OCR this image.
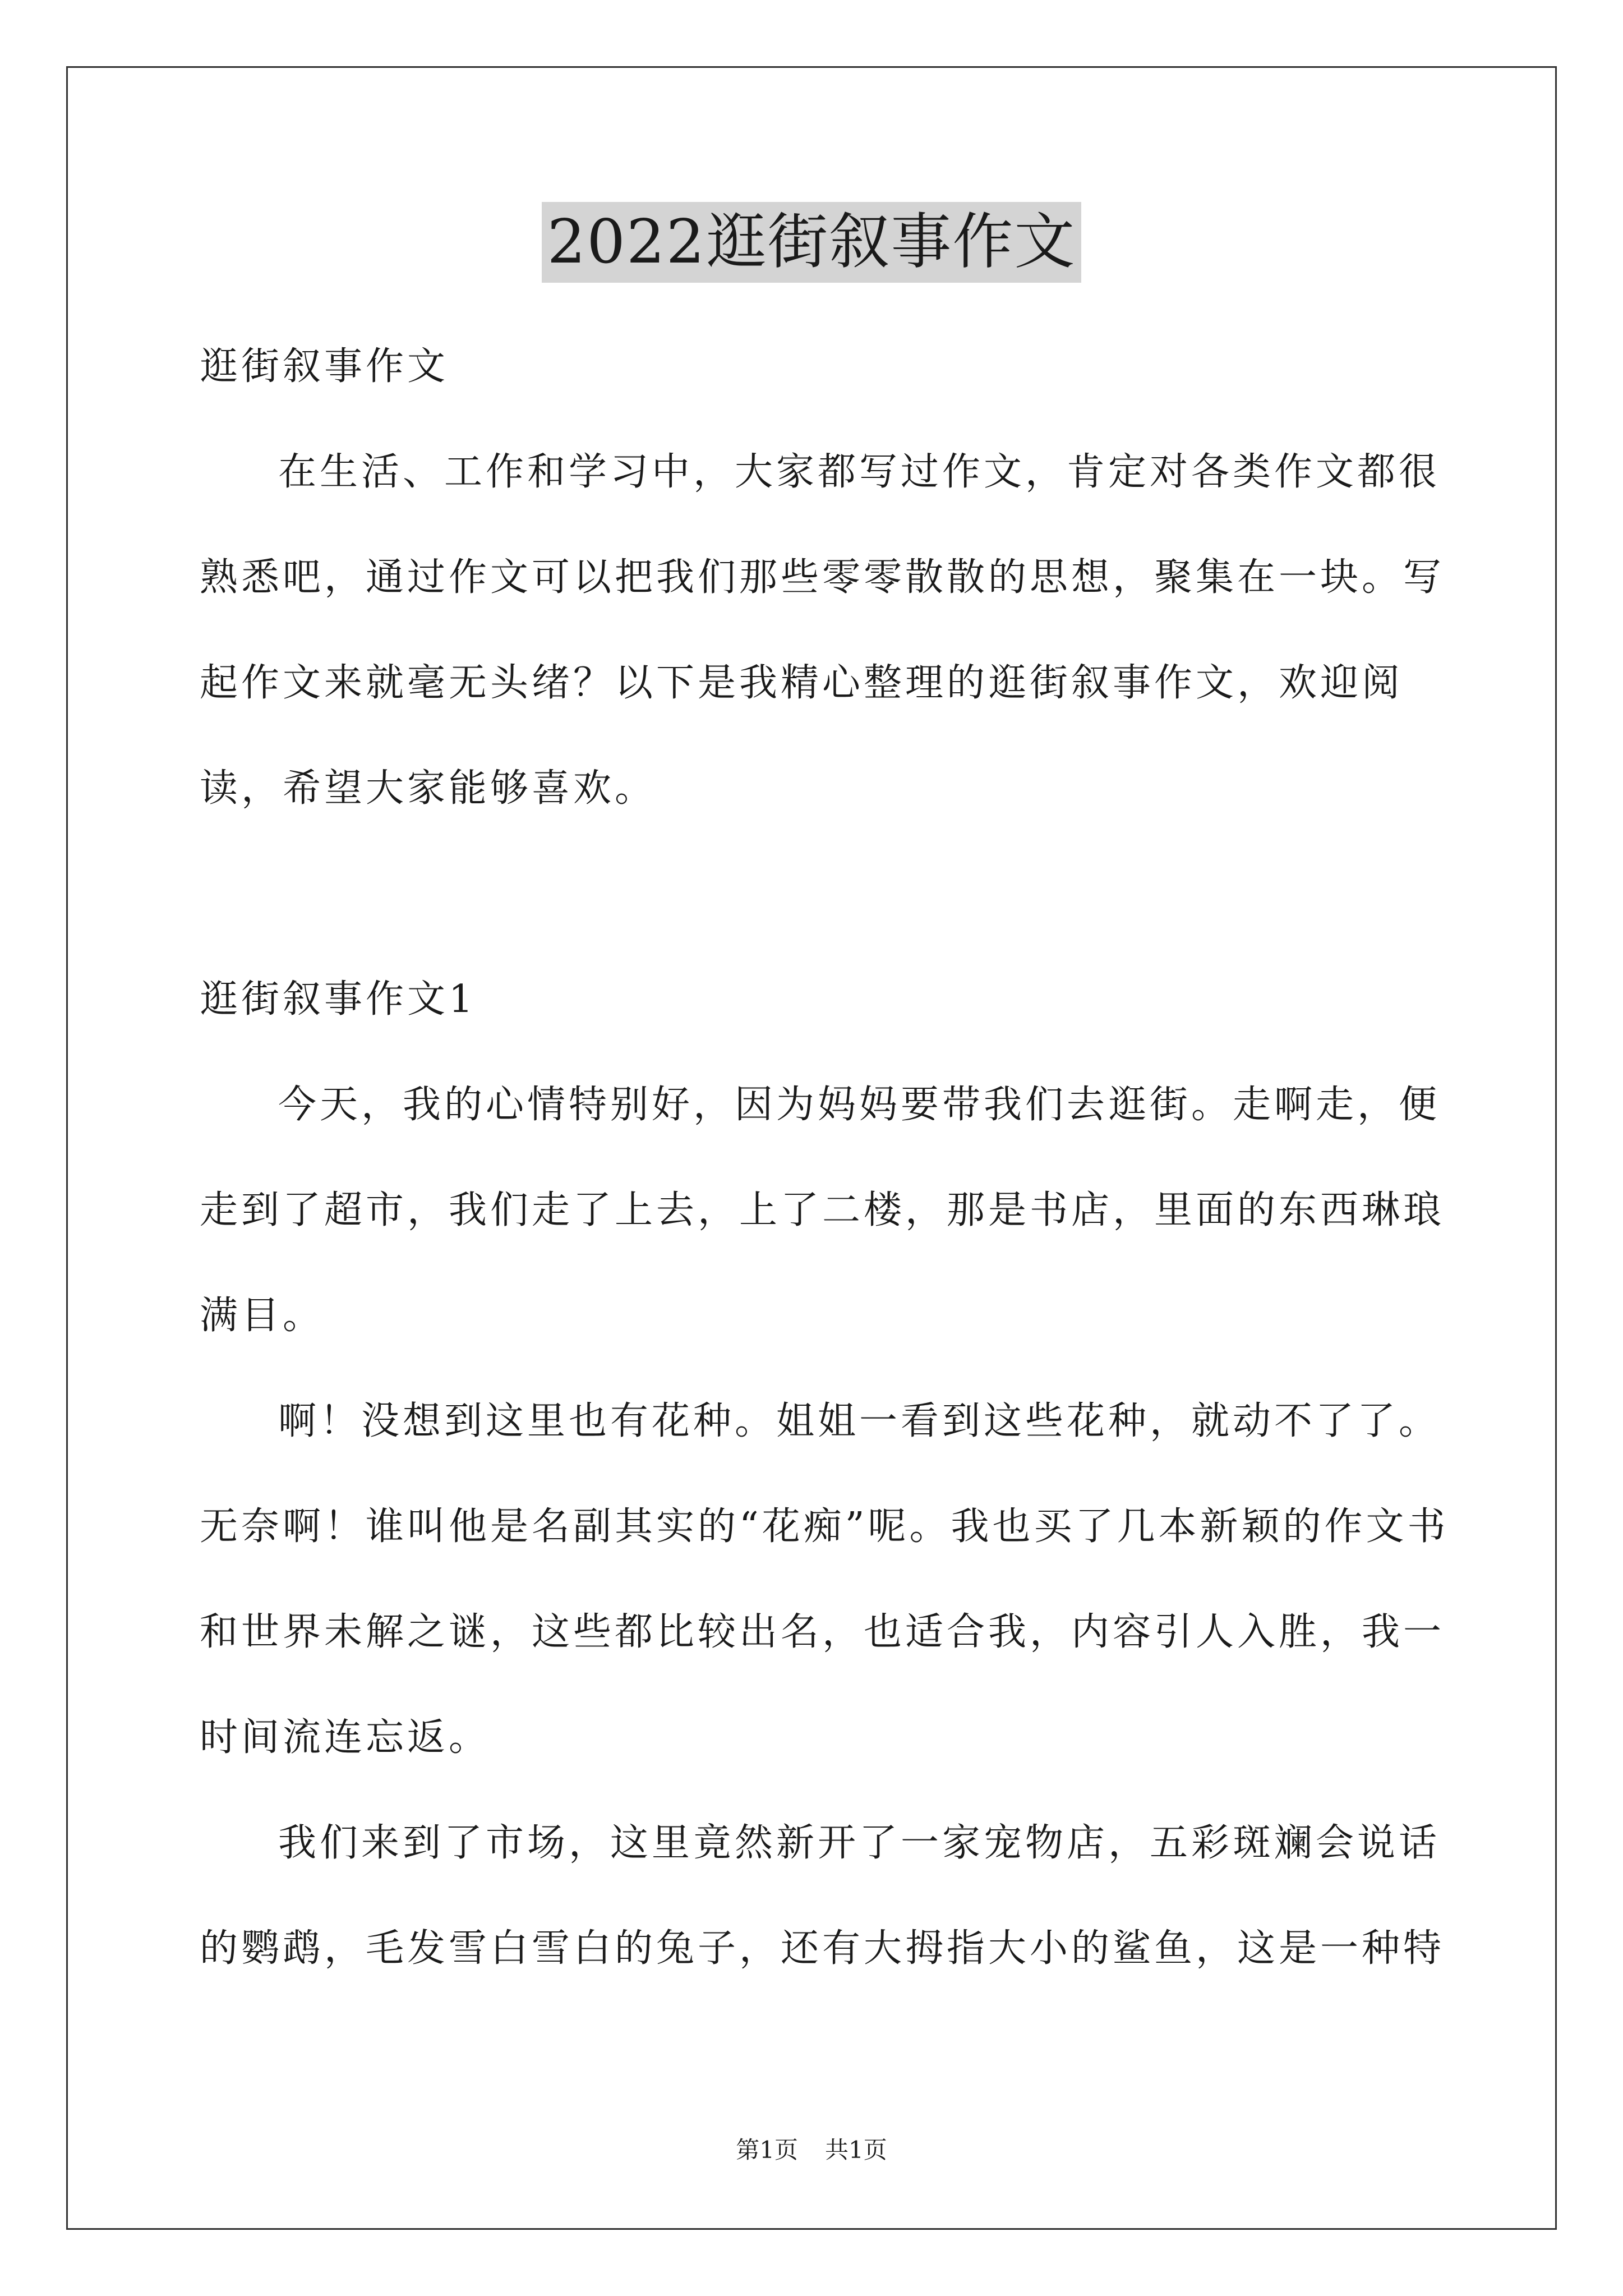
2022逛街叙事作文

逛街叙事作文

在生活、工作和学习中，大家都写过作文，肯定对各类作文都很熟悉吧，通过作文可以把我们那些零零散散的思想，聚集在一块。写起作文来就毫无头绪？以下是我精心整理的逛街叙事作文，欢迎阅读，希望大家能够喜欢。

逛街叙事作文1

今天，我的心情特别好，因为妈妈要带我们去逛街。走啊走，便走到了超市，我们走了上去，上了二楼，那是书店，里面的东西琳琅满目。

啊！没想到这里也有花种。姐姐一看到这些花种，就动不了了。无奈啊！谁叫他是名副其实的“花痴”呢。我也买了几本新颖的作文书和世界未解之谜，这些都比较出名，也适合我，内容引人入胜，我一时间流连忘返。

我们来到了市场，这里竟然新开了一家宠物店，五彩斑斓会说话的鹦鹉，毛发雪白雪白的兔子，还有大拇指大小的鲨鱼，这是一种特

第1页 共1页
